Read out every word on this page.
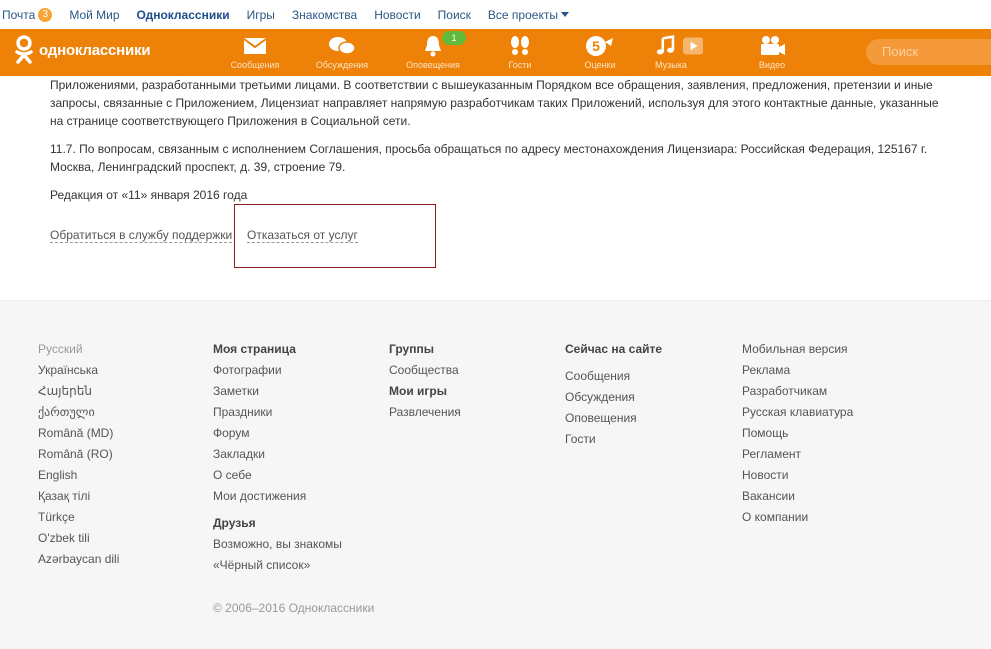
Почта 3	Мой Мир Одноклассники Игры Знакомства Новости Поиск Все проекты
одноклассники
Сообщения	Обсуждения
1
Оповещения	Гости
5
Оценки	Музыка	Видео
Поиск

Приложениями, разработанными третьими лицами. В соответствии с вышеуказанным Порядком все обращения, заявления, предложения, претензии и иные запросы, связанные с Приложением, Лицензиат направляет напрямую разработчикам таких Приложений, используя для этого контактные данные, указанные на странице соответствующего Приложения в Социальной сети.

11.7. По вопросам, связанным с исполнением Соглашения, просьба обращаться по адресу местонахождения Лицензиара: Российская Федерация, 125167 г. Москва, Ленинградский проспект, д. 39, строение 79.

Редакция от «11» января 2016 года

Обратиться в службу поддержки Отказаться от услуг
Русский
Українська
Հայերեն
ქართული
Română (MD)
Română (RO)
English
Қазақ тілі
Türkçe
O'zbek tili
Azərbaycan dili
Моя страница
Фотографии
Заметки
Праздники
Форум
Закладки
О себе
Мои достижения
Друзья
Возможно, вы знакомы
«Чёрный список»
Группы
Сообщества
Мои игры
Развлечения
Сейчас на сайте
Сообщения
Обсуждения
Оповещения
Гости
Мобильная версия
Реклама
Разработчикам
Русская клавиатура
Помощь
Регламент
Новости
Вакансии
О компании
© 2006–2016 Одноклассники
